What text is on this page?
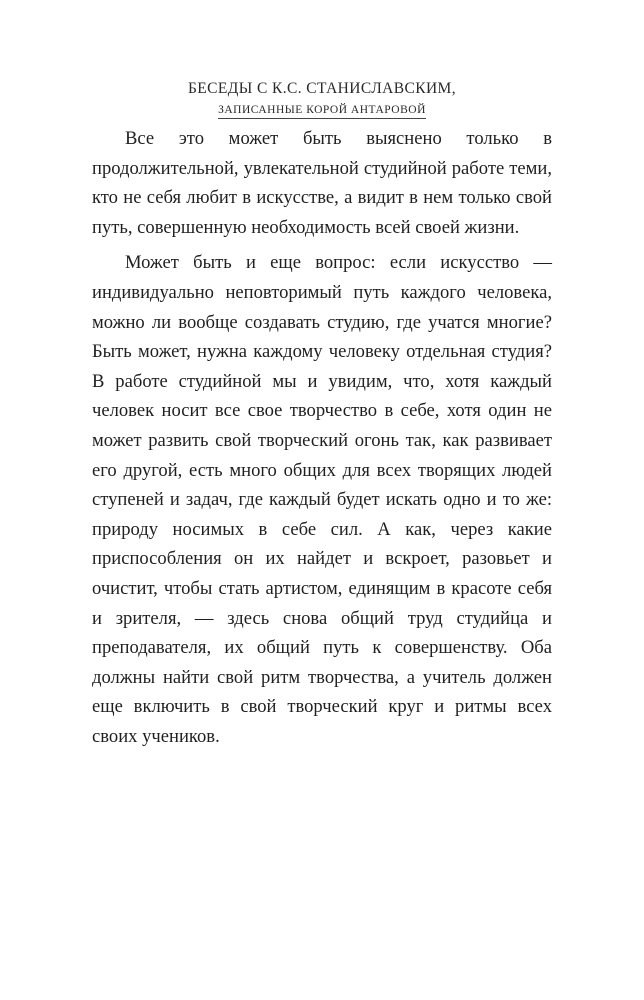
БЕСЕДЫ С К.С. СТАНИСЛАВСКИМ,
ЗАПИСАННЫЕ КОРОЙ АНТАРОВОЙ

Все это может быть выяснено только в продолжительной, увлекательной студийной работе теми, кто не себя любит в искусстве, а видит в нем только свой путь, совершенную необходимость всей своей жизни.

Может быть и еще вопрос: если искусство — индивидуально неповторимый путь каждого человека, можно ли вообще создавать студию, где учатся многие? Быть может, нужна каждому человеку отдельная студия? В работе студийной мы и увидим, что, хотя каждый человек носит все свое творчество в себе, хотя один не может развить свой творческий огонь так, как развивает его другой, есть много общих для всех творящих людей ступеней и задач, где каждый будет искать одно и то же: природу носимых в себе сил. А как, через какие приспособления он их найдет и вскроет, разовьет и очистит, чтобы стать артистом, единящим в красоте себя и зрителя, — здесь снова общий труд студийца и преподавателя, их общий путь к совершенству. Оба должны найти свой ритм творчества, а учитель должен еще включить в свой творческий круг и ритмы всех своих учеников.
